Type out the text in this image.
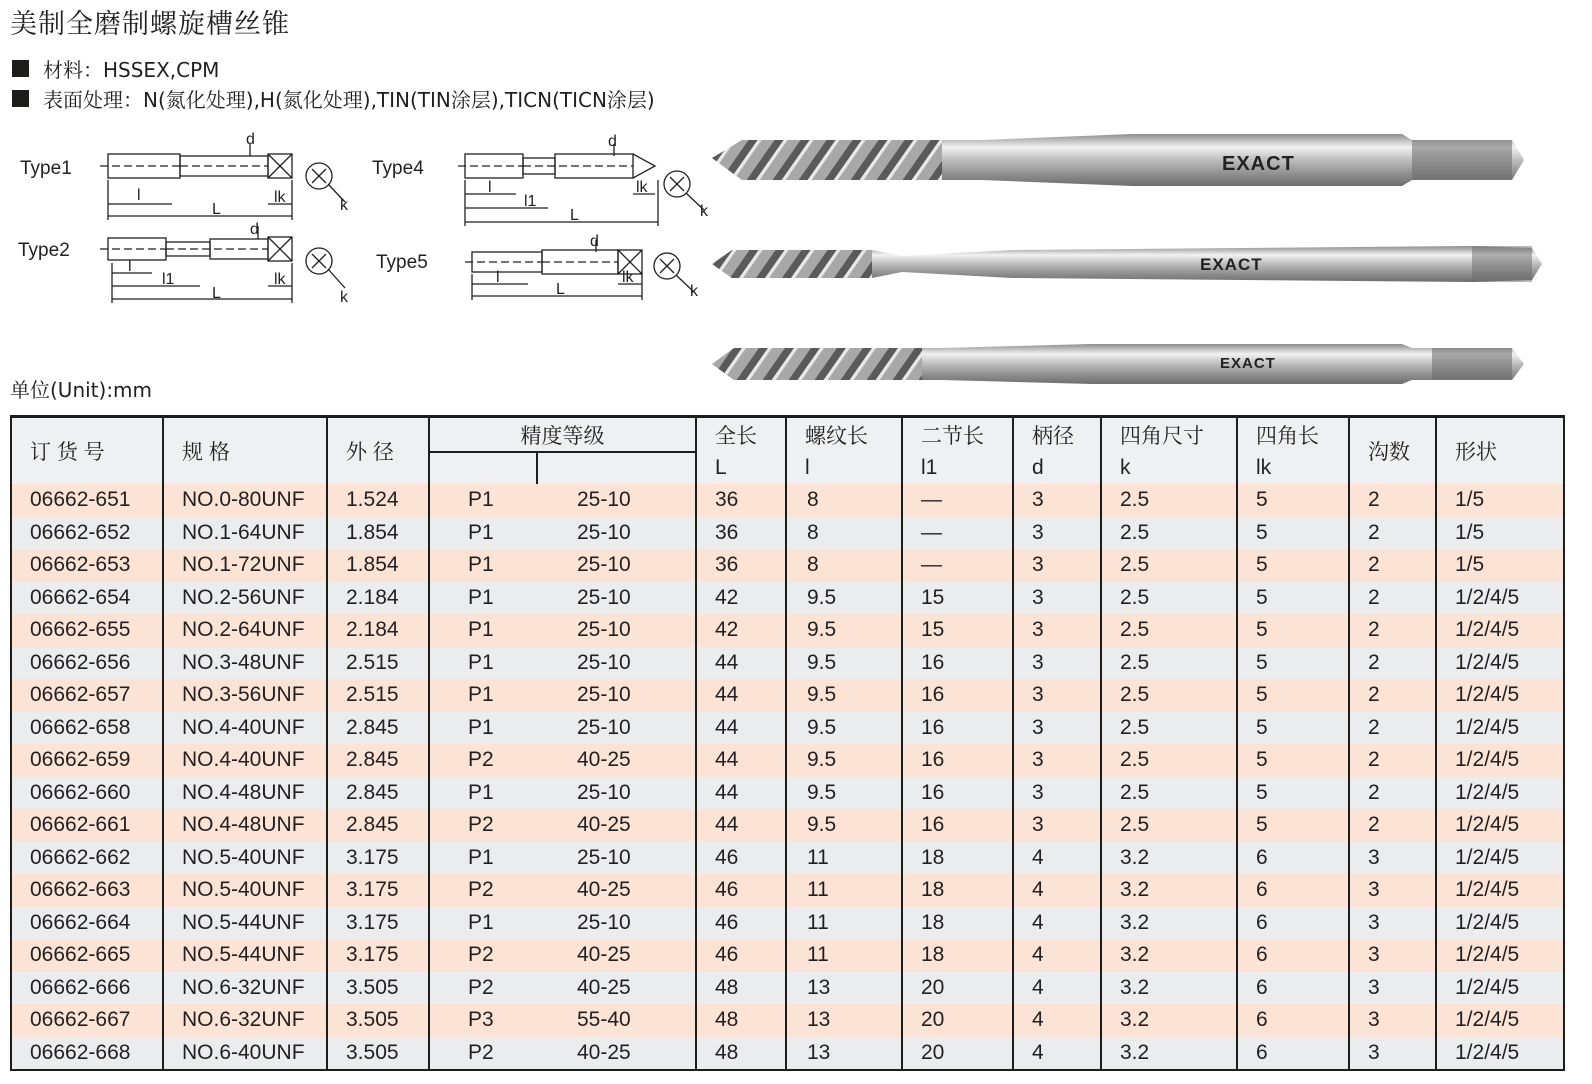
美制全磨制螺旋槽丝锥
材料：HSSEX,CPM
表面处理：N(氮化处理),H(氮化处理),TIN(TIN涂层),TICN(TICN涂层)
Type1
Type2
Type4
Type5
d
l
L
lk	k
d
l
l1
L
lk
k
d
l
l1
L
lk
k
d
l
L
lk
k
EXACT
EXACT
EXACT
单位(Unit):mm
订 货 号	规 格	外 径	精度等级		全长	螺纹长	二节长	柄径	四角尺寸	四角长	沟数	形状
					L	l	l1	d	k	lk		
06662-651	NO.0-80UNF	1.524	P1	25-10	36	8	—	3	2.5	5	2	1/5
06662-652	NO.1-64UNF	1.854	P1	25-10	36	8	—	3	2.5	5	2	1/5
06662-653	NO.1-72UNF	1.854	P1	25-10	36	8	—	3	2.5	5	2	1/5
06662-654	NO.2-56UNF	2.184	P1	25-10	42	9.5	15	3	2.5	5	2	1/2/4/5
06662-655	NO.2-64UNF	2.184	P1	25-10	42	9.5	15	3	2.5	5	2	1/2/4/5
06662-656	NO.3-48UNF	2.515	P1	25-10	44	9.5	16	3	2.5	5	2	1/2/4/5
06662-657	NO.3-56UNF	2.515	P1	25-10	44	9.5	16	3	2.5	5	2	1/2/4/5
06662-658	NO.4-40UNF	2.845	P1	25-10	44	9.5	16	3	2.5	5	2	1/2/4/5
06662-659	NO.4-40UNF	2.845	P2	40-25	44	9.5	16	3	2.5	5	2	1/2/4/5
06662-660	NO.4-48UNF	2.845	P1	25-10	44	9.5	16	3	2.5	5	2	1/2/4/5
06662-661	NO.4-48UNF	2.845	P2	40-25	44	9.5	16	3	2.5	5	2	1/2/4/5
06662-662	NO.5-40UNF	3.175	P1	25-10	46	11	18	4	3.2	6	3	1/2/4/5
06662-663	NO.5-40UNF	3.175	P2	40-25	46	11	18	4	3.2	6	3	1/2/4/5
06662-664	NO.5-44UNF	3.175	P1	25-10	46	11	18	4	3.2	6	3	1/2/4/5
06662-665	NO.5-44UNF	3.175	P2	40-25	46	11	18	4	3.2	6	3	1/2/4/5
06662-666	NO.6-32UNF	3.505	P2	40-25	48	13	20	4	3.2	6	3	1/2/4/5
06662-667	NO.6-32UNF	3.505	P3	55-40	48	13	20	4	3.2	6	3	1/2/4/5
06662-668	NO.6-40UNF	3.505	P2	40-25	48	13	20	4	3.2	6	3	1/2/4/5
